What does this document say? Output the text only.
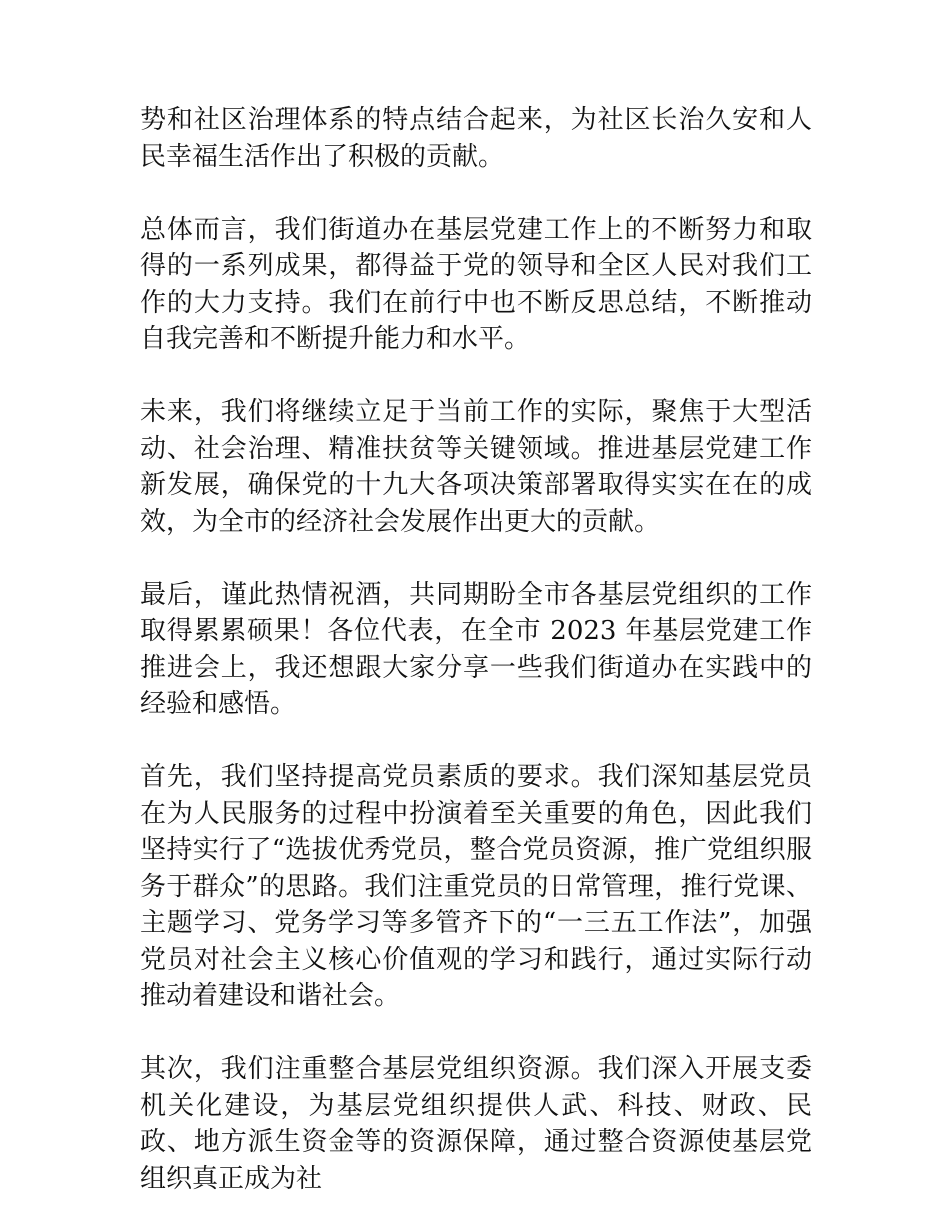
势和社区治理体系的特点结合起来，为社区长治久安和人民幸福生活作出了积极的贡献。

总体而言，我们街道办在基层党建工作上的不断努力和取得的一系列成果，都得益于党的领导和全区人民对我们工作的大力支持。我们在前行中也不断反思总结，不断推动自我完善和不断提升能力和水平。

未来，我们将继续立足于当前工作的实际，聚焦于大型活动、社会治理、精准扶贫等关键领域。推进基层党建工作新发展，确保党的十九大各项决策部署取得实实在在的成效，为全市的经济社会发展作出更大的贡献。

最后，谨此热情祝酒，共同期盼全市各基层党组织的工作取得累累硕果！各位代表，在全市 2023 年基层党建工作推进会上，我还想跟大家分享一些我们街道办在实践中的经验和感悟。

首先，我们坚持提高党员素质的要求。我们深知基层党员在为人民服务的过程中扮演着至关重要的角色，因此我们坚持实行了“选拔优秀党员，整合党员资源，推广党组织服务于群众”的思路。我们注重党员的日常管理，推行党课、主题学习、党务学习等多管齐下的“一三五工作法”，加强党员对社会主义核心价值观的学习和践行，通过实际行动推动着建设和谐社会。

其次，我们注重整合基层党组织资源。我们深入开展支委机关化建设，为基层党组织提供人武、科技、财政、民政、地方派生资金等的资源保障，通过整合资源使基层党组织真正成为社
